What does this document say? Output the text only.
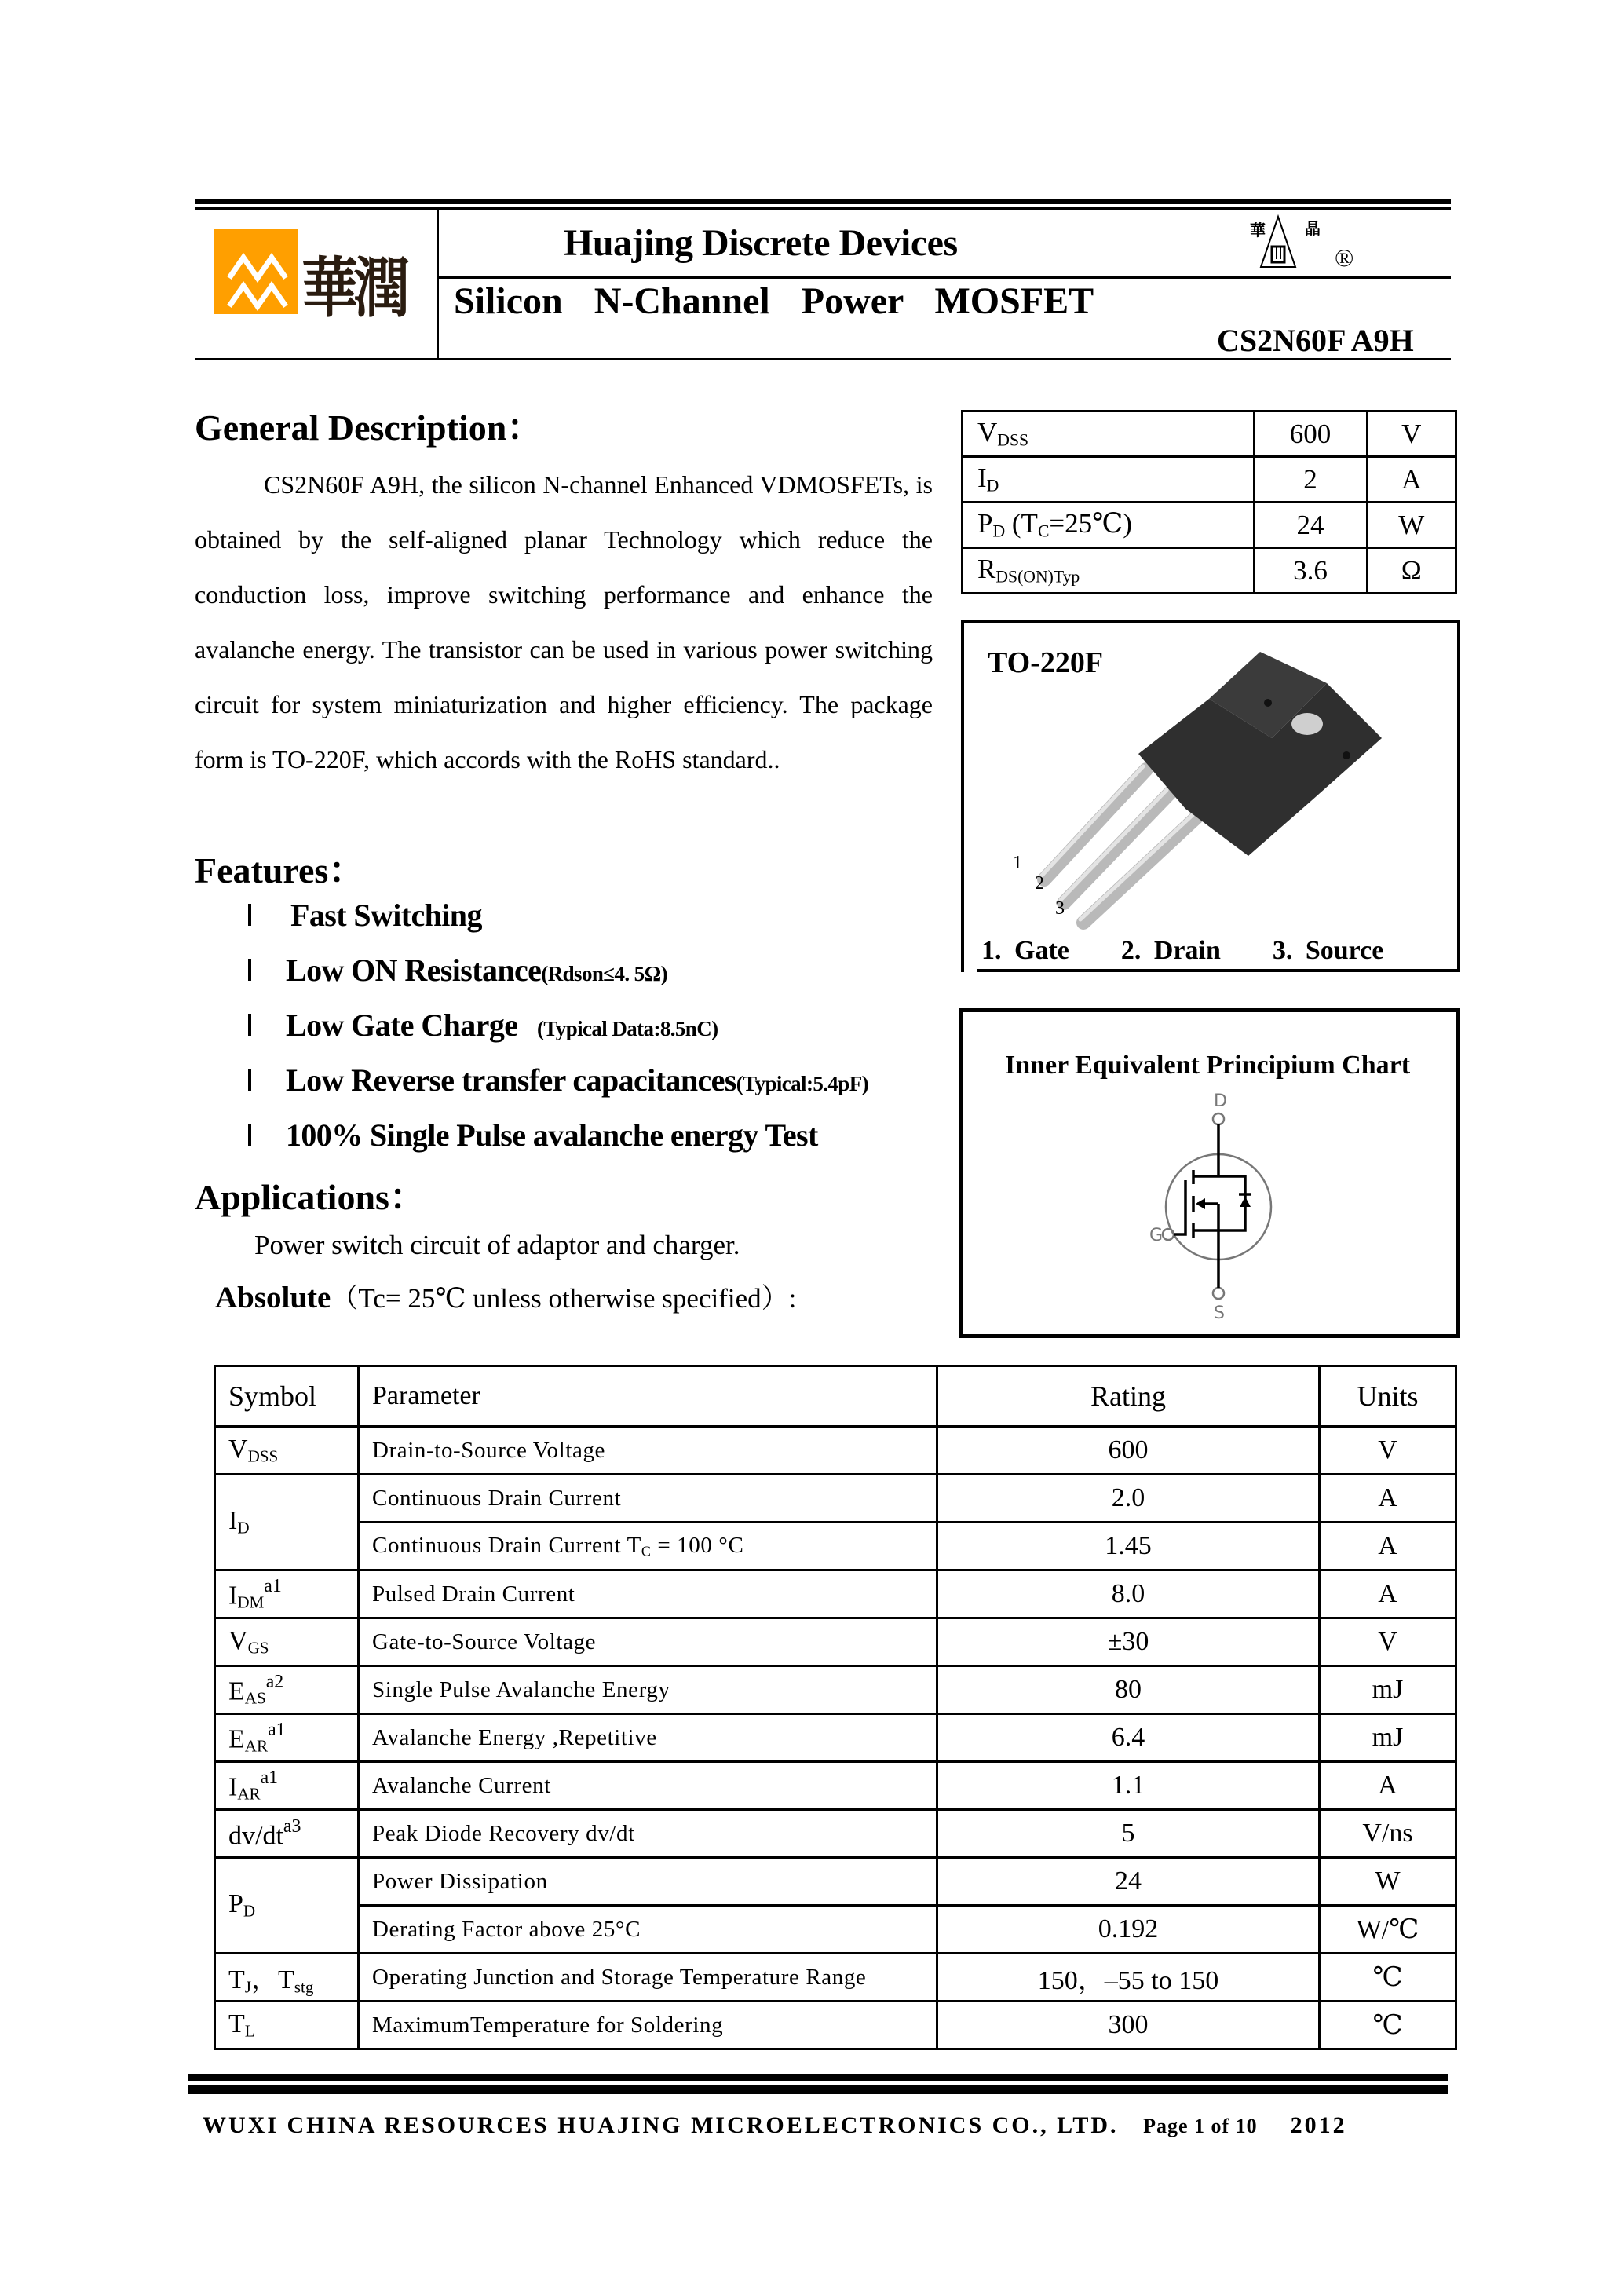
華潤
Huajing Discrete Devices	華	晶
®
Silicon N-Channel Power MOSFET
CS2N60F A9H
General Description：

CS2N60F A9H, the silicon N-channel Enhanced VDMOSFETs, is obtained by the self-aligned planar Technology which reduce the conduction loss, improve switching performance and enhance the avalanche energy. The transistor can be used in various power switching circuit for system miniaturization and higher efficiency. The package form is TO-220F, which accords with the RoHS standard..

$V_{DSS}$	600	V
$I_D$	2	A
$P_D$ $(T_C=25℃)$	24	W
$R_{DS(ON)Typ}$	3.6	Ω
TO-220F
1
2
3
1. Gate    2. Drain    3. Source
Features：
Fast Switching
Low ON Resistance (Rdson≤4. 5Ω)
Low Gate Charge (Typical Data:8.5nC)
Low Reverse transfer capacitances (Typical:5.4pF)
100% Single Pulse avalanche energy Test
Inner Equivalent Principium Chart
D
G
S
Applications：
Power switch circuit of adaptor and charger.
Absolute（Tc= 25℃ unless otherwise specified）:
Symbol	Parameter	Rating	Units
$V_{DSS}$	Drain-to-Source Voltage	600	V
$I_D$	Continuous Drain Current	2.0	A
	Continuous Drain Current $T_C = 100$ °C	1.45	A
$I_{DM}^{a1}$	Pulsed Drain Current	8.0	A
$V_{GS}$	Gate-to-Source Voltage	±30	V
$E_{AS}^{a2}$	Single Pulse Avalanche Energy	80	mJ
$E_{AR}^{a1}$	Avalanche Energy ,Repetitive	6.4	mJ
$I_{AR}^{a1}$	Avalanche Current	1.1	A
$dv/dt^{a3}$	Peak Diode Recovery dv/dt	5	V/ns
$P_D$	Power Dissipation	24	W
	Derating Factor above 25°C	0.192	W/℃
$T_J$，$T_{stg}$	Operating Junction and Storage Temperature Range	150，–55 to 150	℃
$T_L$	MaximumTemperature for Soldering	300	℃
WUXI CHINA RESOURCES HUAJING MICROELECTRONICS CO., LTD. Page 1 of 10 2012
